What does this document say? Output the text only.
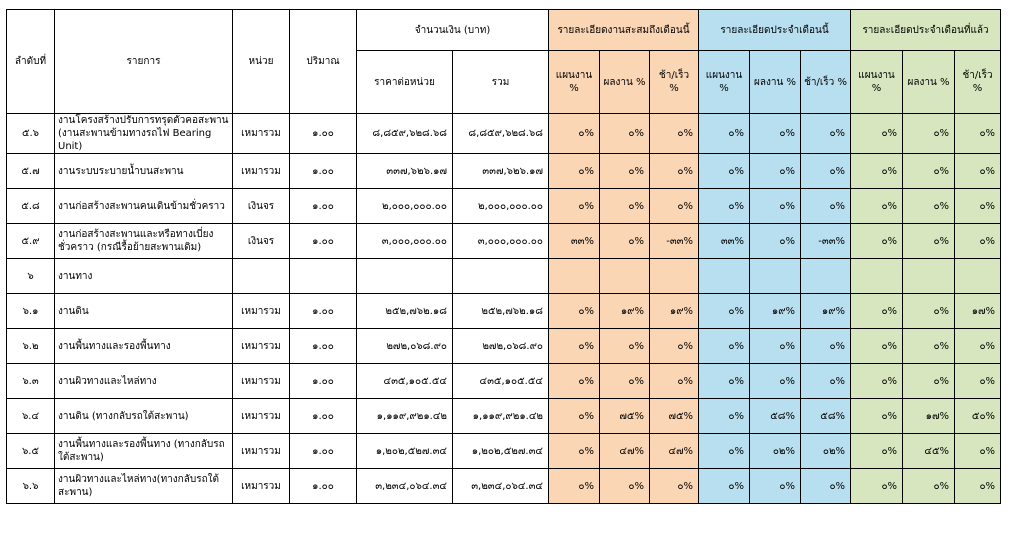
ลำดับที่	รายการ	หน่วย	ปริมาณ	จำนวนเงิน (บาท)		รายละเอียดงานสะสมถึงเดือนนี้			รายละเอียดประจำเดือนนี้			รายละเอียดประจำเดือนที่แล้ว		
				ราคาต่อหน่วย	รวม	แผนงาน %	ผลงาน %	ช้า/เร็ว %	แผนงาน %	ผลงาน %	ช้า/เร็ว %	แผนงาน %	ผลงาน %	ช้า/เร็ว %
๕.๖	งานโครงสร้างปรับการทรุดตัวคอสะพาน (งานสะพานข้ามทางรถไฟ Bearing Unit)	เหมารวม	๑.๐๐	๘,๘๕๙,๖๒๘.๖๘	๘,๘๕๙,๖๒๘.๖๘	๐%	๐%	๐%	๐%	๐%	๐%	๐%	๐%	๐%
๕.๗	งานระบบระบายน้ำบนสะพาน	เหมารวม	๑.๐๐	๓๓๗,๖๒๖.๑๗	๓๓๗,๖๒๖.๑๗	๐%	๐%	๐%	๐%	๐%	๐%	๐%	๐%	๐%
๕.๘	งานก่อสร้างสะพานคนเดินข้ามชั่วคราว	เงินจร	๑.๐๐	๒,๐๐๐,๐๐๐.๐๐	๒,๐๐๐,๐๐๐.๐๐	๐%	๐%	๐%	๐%	๐%	๐%	๐%	๐%	๐%
๕.๙	งานก่อสร้างสะพานและหรือทางเบี่ยงชั่วคราว (กรณีรื้อย้ายสะพานเดิม)	เงินจร	๑.๐๐	๓,๐๐๐,๐๐๐.๐๐	๓,๐๐๐,๐๐๐.๐๐	๓๓%	๐%	-๓๓%	๓๓%	๐%	-๓๓%	๐%	๐%	๐%
๖	งานทาง													
๖.๑	งานดิน	เหมารวม	๑.๐๐	๒๕๒,๗๖๒.๑๘	๒๕๒,๗๖๒.๑๘	๐%	๑๙%	๑๙%	๐%	๑๙%	๑๙%	๐%	๐%	๑๗%
๖.๒	งานพื้นทางและรองพื้นทาง	เหมารวม	๑.๐๐	๒๗๒,๐๖๘.๙๐	๒๗๒,๐๖๘.๙๐	๐%	๐%	๐%	๐%	๐%	๐%	๐%	๐%	๐%
๖.๓	งานผิวทางและไหล่ทาง	เหมารวม	๑.๐๐	๔๓๕,๑๐๕.๕๔	๔๓๕,๑๐๕.๕๔	๐%	๐%	๐%	๐%	๐%	๐%	๐%	๐%	๐%
๖.๔	งานดิน (ทางกลับรถใต้สะพาน)	เหมารวม	๑.๐๐	๑,๑๑๙,๙๒๑.๔๒	๑,๑๑๙,๙๒๑.๔๒	๐%	๗๕%	๗๕%	๐%	๕๘%	๕๘%	๐%	๑๗%	๕๐%
๖.๕	งานพื้นทางและรองพื้นทาง (ทางกลับรถใต้สะพาน)	เหมารวม	๑.๐๐	๑,๒๐๒,๕๒๗.๓๔	๑,๒๐๒,๕๒๗.๓๔	๐%	๔๗%	๔๗%	๐%	๐๒%	๐๒%	๐%	๔๕%	๐%
๖.๖	งานผิวทางและไหล่ทาง(ทางกลับรถใต้สะพาน)	เหมารวม	๑.๐๐	๓,๒๓๔,๐๖๔.๓๔	๓,๒๓๔,๐๖๔.๓๔	๐%	๐%	๐%	๐%	๐%	๐%	๐%	๐%	๐%
